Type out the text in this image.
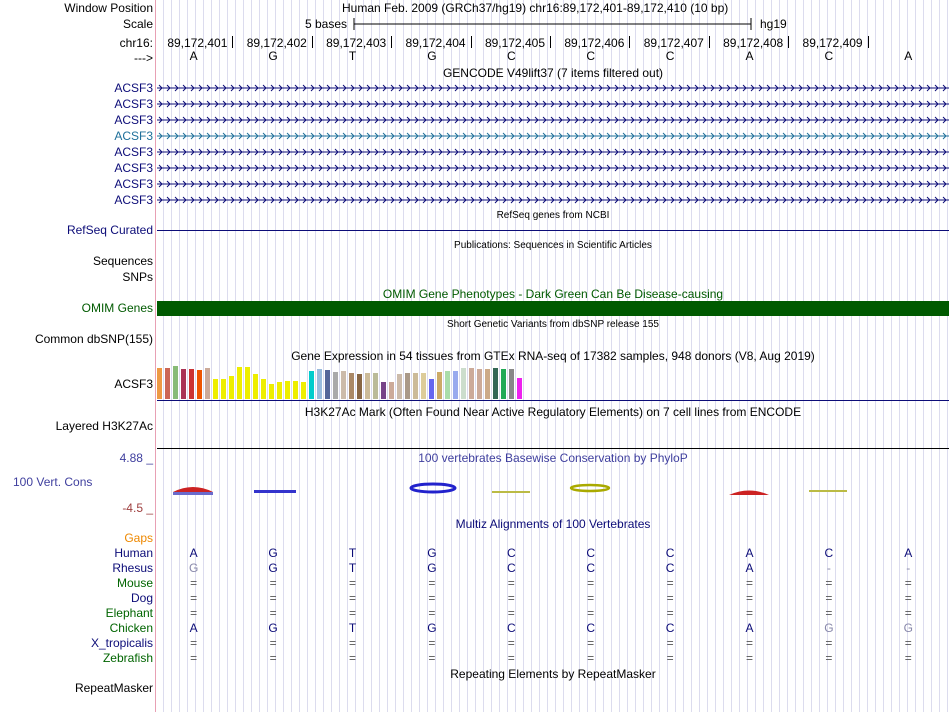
Window Position	Human Feb. 2009 (GRCh37/hg19) chr16:89,172,401-89,172,410 (10 bp)
Scale	5 bases	hg19
chr16:	89,172,401	89,172,402	89,172,403	89,172,404	89,172,405	89,172,406	89,172,407	89,172,408	89,172,409
--->	A	G	T	G	C	C	C	A	C	A
GENCODE V49lift37 (7 items filtered out)
ACSF3
ACSF3
ACSF3
ACSF3
ACSF3
ACSF3
ACSF3
ACSF3
RefSeq genes from NCBI
RefSeq Curated
Publications: Sequences in Scientific Articles
Sequences
SNPs
OMIM Gene Phenotypes - Dark Green Can Be Disease-causing
OMIM Genes
Short Genetic Variants from dbSNP release 155
Common dbSNP(155)
Gene Expression in 54 tissues from GTEx RNA-seq of 17382 samples, 948 donors (V8, Aug 2019)
ACSF3
H3K27Ac Mark (Often Found Near Active Regulatory Elements) on 7 cell lines from ENCODE
Layered H3K27Ac
100 vertebrates Basewise Conservation by PhyloP
4.88 _
100 Vert. Cons
-4.5 _
Multiz Alignments of 100 Vertebrates
Gaps
Human	A	G	T	G	C	C	C	A	C	A
Rhesus	G	G	T	G	C	C	C	A	-	-
Mouse	=	=	=	=	=	=	=	=	=	=
Dog	=	=	=	=	=	=	=	=	=	=
Elephant	=	=	=	=	=	=	=	=	=	=
Chicken	A	G	T	G	C	C	C	A	G	G
X_tropicalis	=	=	=	=	=	=	=	=	=	=
Zebrafish	=	=	=	=	=	=	=	=	=	=
Repeating Elements by RepeatMasker
RepeatMasker
